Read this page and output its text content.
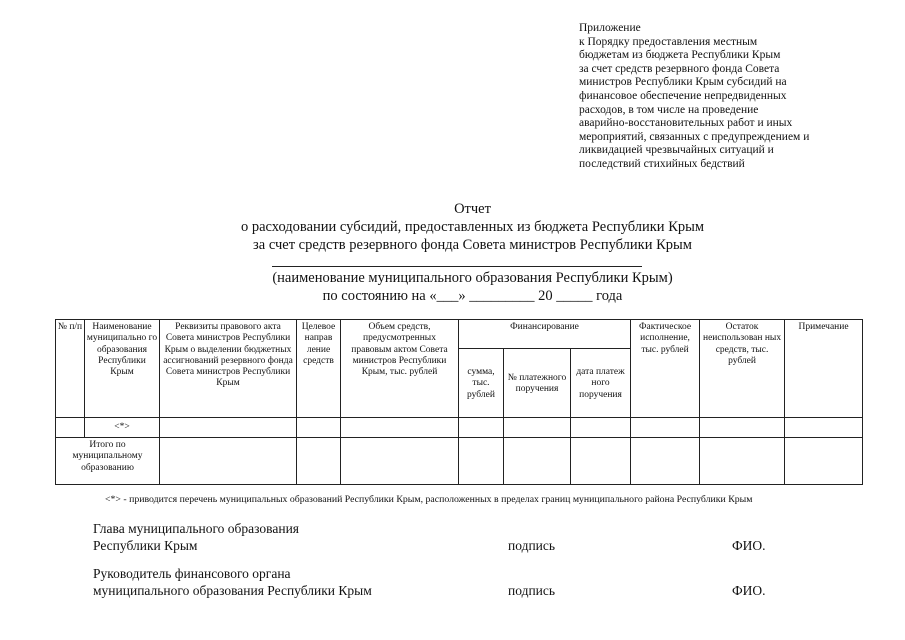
Приложение
к Порядку предоставления местным
бюджетам из бюджета Республики Крым
за счет средств резервного фонда Совета
министров Республики Крым субсидий на
финансовое обеспечение непредвиденных
расходов, в том числе на проведение
аварийно-восстановительных работ и иных
мероприятий, связанных с предупреждением и
ликвидацией чрезвычайных ситуаций и
последствий стихийных бедствий
Отчет
о расходовании субсидий, предоставленных из бюджета Республики Крым
за счет средств резервного фонда Совета министров Республики Крым
(наименование муниципального образования Республики Крым)
по состоянию на «___» _________ 20 _____ года
№ п/п	Наименование муниципально го образования Республики Крым	Реквизиты правового акта Совета министров Республики Крым о выделении бюджетных ассигнований резервного фонда Совета министров Республики Крым	Целевое направ ление средств	Объем средств, предусмотренных правовым актом Совета министров Республики Крым, тыс. рублей	Финансирование			Фактическое исполнение, тыс. рублей	Остаток неиспользован ных средств, тыс. рублей	Примечание
					сумма, тыс. рублей	№ платежного поручения	дата платеж ного поручения			
	<*>									
Итого по муниципальному образованию										
<*> - приводится перечень муниципальных образований Республики Крым, расположенных в пределах границ муниципального района Республики Крым
Глава муниципального образования
Республики Крым	подпись	ФИО.
Руководитель финансового органа
муниципального образования Республики Крым	подпись	ФИО.
